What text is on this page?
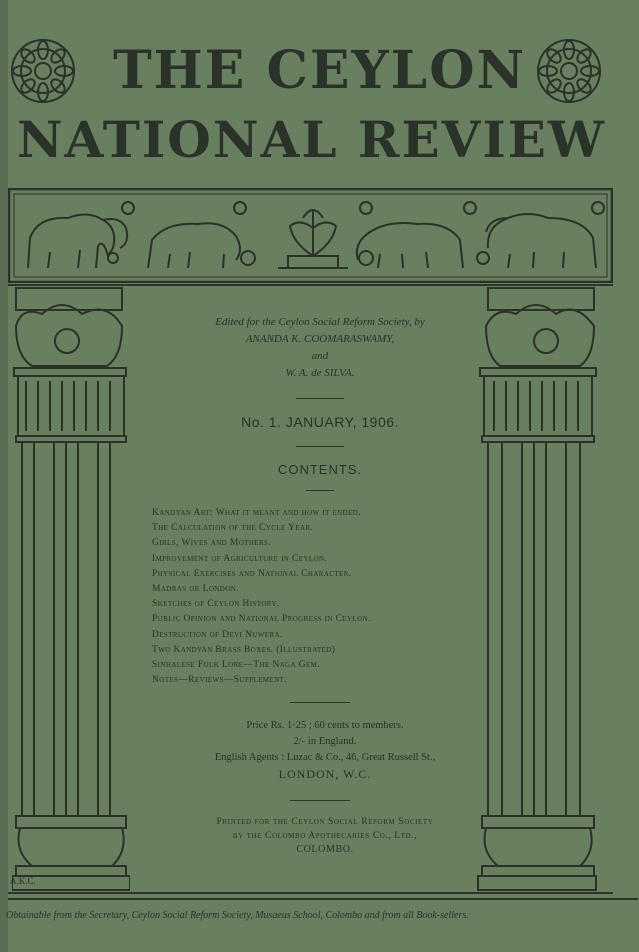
THE CEYLON
NATIONAL REVIEW
Edited for the Ceylon Social Reform Society, by
ANANDA K. COOMARASWAMY,
and
W. A. de SILVA.
No. 1. JANUARY, 1906.
CONTENTS.
Kandyan Art: What it meant and how it ended.
The Calculation of the Cycle Year.
Girls, Wives and Mothers.
Improvement of Agriculture in Ceylon.
Physical Exercises and National Character.
Madras or London.
Sketches of Ceylon History.
Public Opinion and National Progress in Ceylon.
Destruction of Devi Nuwera.
Two Kandyan Brass Boxes. (Illustrated)
Sinhalese Folk Lore—The Naga Gem.
Notes—Reviews—Supplement.
Price Rs. 1·25 ; 60 cents to members.
2/- in England.
English Agents : Luzac & Co., 46, Great Russell St.,
LONDON, W.C.
Printed for the Ceylon Social Reform Society
by the Colombo Apothecaries Co., Ltd.,
COLOMBO.
A.K.C.
Obtainable from the Secretary, Ceylon Social Reform Society, Musaeus School, Colombo and from all Book-sellers.
